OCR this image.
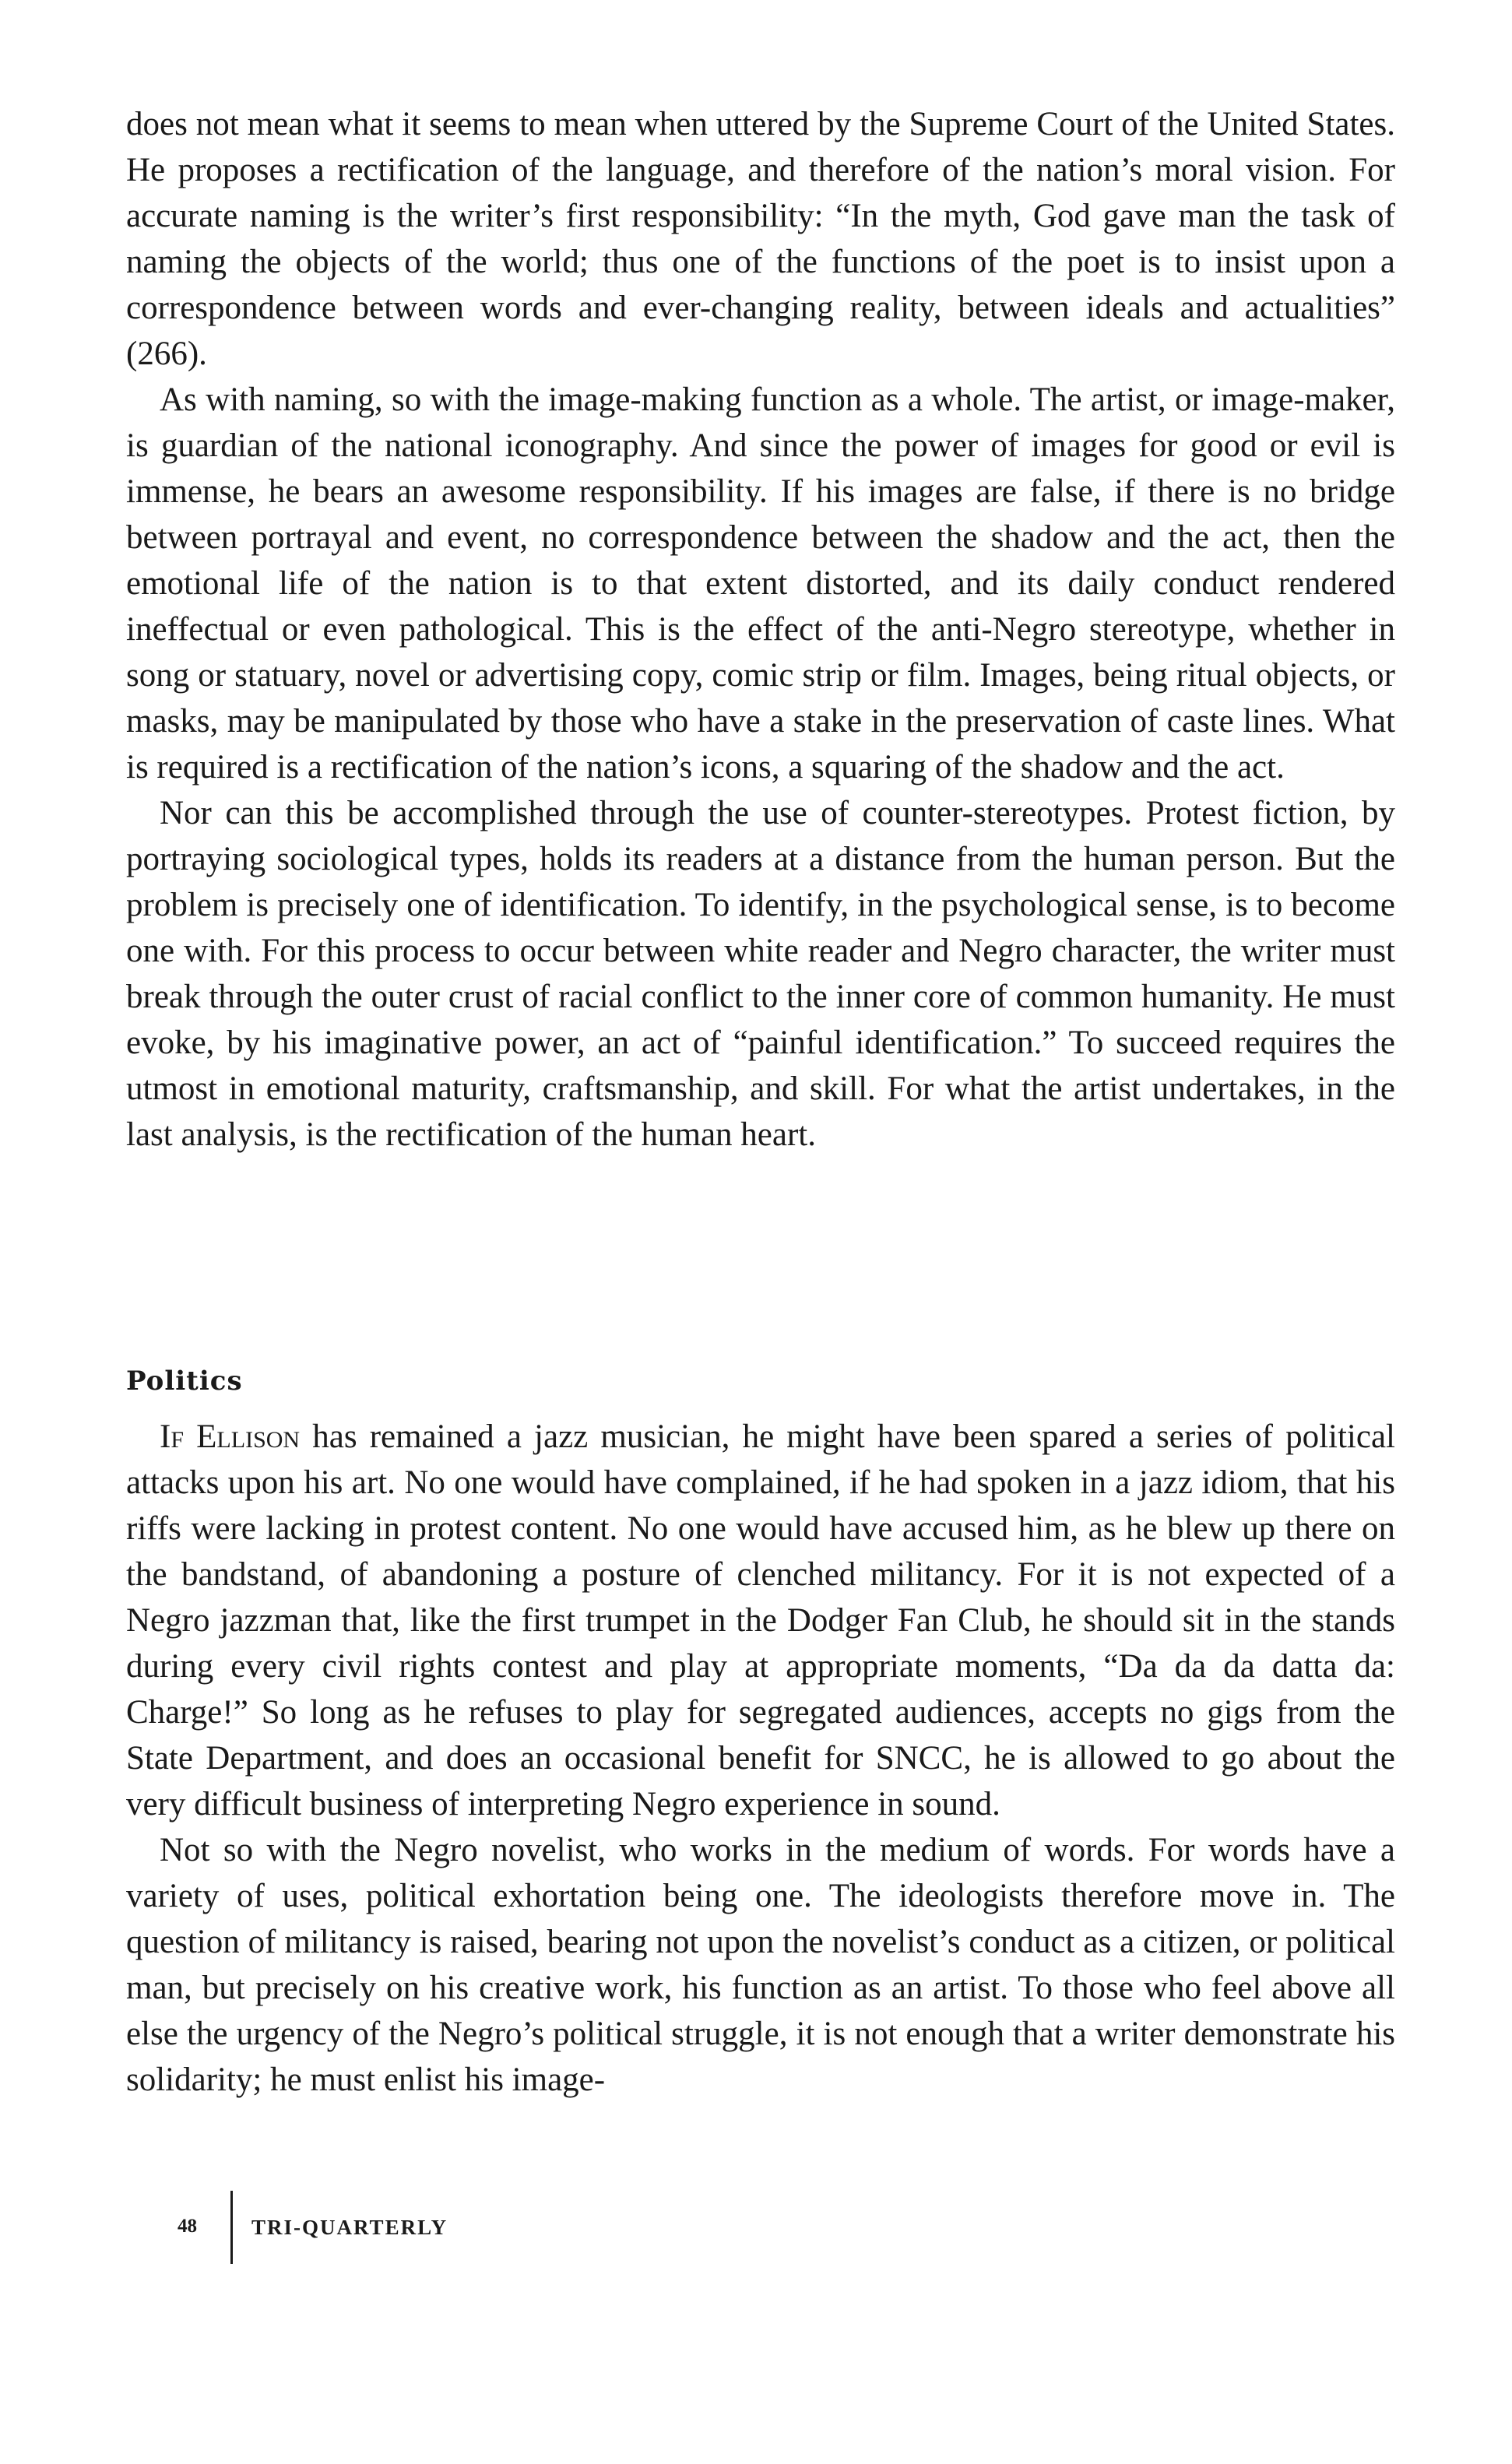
does not mean what it seems to mean when uttered by the Supreme Court of the United States. He proposes a rectification of the language, and therefore of the nation’s moral vision. For accurate naming is the writer’s first responsibility: “In the myth, God gave man the task of naming the objects of the world; thus one of the functions of the poet is to insist upon a correspondence between words and ever-changing reality, between ideals and actualities” (266).

As with naming, so with the image-making function as a whole. The artist, or image-maker, is guardian of the national iconography. And since the power of images for good or evil is immense, he bears an awesome responsibility. If his images are false, if there is no bridge between portrayal and event, no correspondence between the shadow and the act, then the emotional life of the nation is to that extent distorted, and its daily conduct rendered ineffectual or even pathological. This is the effect of the anti-Negro stereotype, whether in song or statuary, novel or advertising copy, comic strip or film. Images, being ritual objects, or masks, may be manipulated by those who have a stake in the preservation of caste lines. What is required is a rectification of the nation’s icons, a squaring of the shadow and the act.

Nor can this be accomplished through the use of counter-stereotypes. Protest fiction, by portraying sociological types, holds its readers at a distance from the human person. But the problem is precisely one of identification. To identify, in the psychological sense, is to become one with. For this process to occur between white reader and Negro character, the writer must break through the outer crust of racial conflict to the inner core of common humanity. He must evoke, by his imaginative power, an act of “painful identification.” To succeed requires the utmost in emotional maturity, craftsmanship, and skill. For what the artist undertakes, in the last analysis, is the rectification of the human heart.

Politics

If Ellison has remained a jazz musician, he might have been spared a series of political attacks upon his art. No one would have complained, if he had spoken in a jazz idiom, that his riffs were lacking in protest content. No one would have accused him, as he blew up there on the bandstand, of abandoning a posture of clenched militancy. For it is not expected of a Negro jazzman that, like the first trumpet in the Dodger Fan Club, he should sit in the stands during every civil rights contest and play at appropriate moments, “Da da da datta da: Charge!” So long as he refuses to play for segregated audiences, accepts no gigs from the State Department, and does an occasional benefit for SNCC, he is allowed to go about the very difficult business of interpreting Negro experience in sound.

Not so with the Negro novelist, who works in the medium of words. For words have a variety of uses, political exhortation being one. The ideologists therefore move in. The question of militancy is raised, bearing not upon the novelist’s conduct as a citizen, or political man, but precisely on his creative work, his function as an artist. To those who feel above all else the urgency of the Negro’s political struggle, it is not enough that a writer demonstrate his solidarity; he must enlist his image-

48	TRI-QUARTERLY
